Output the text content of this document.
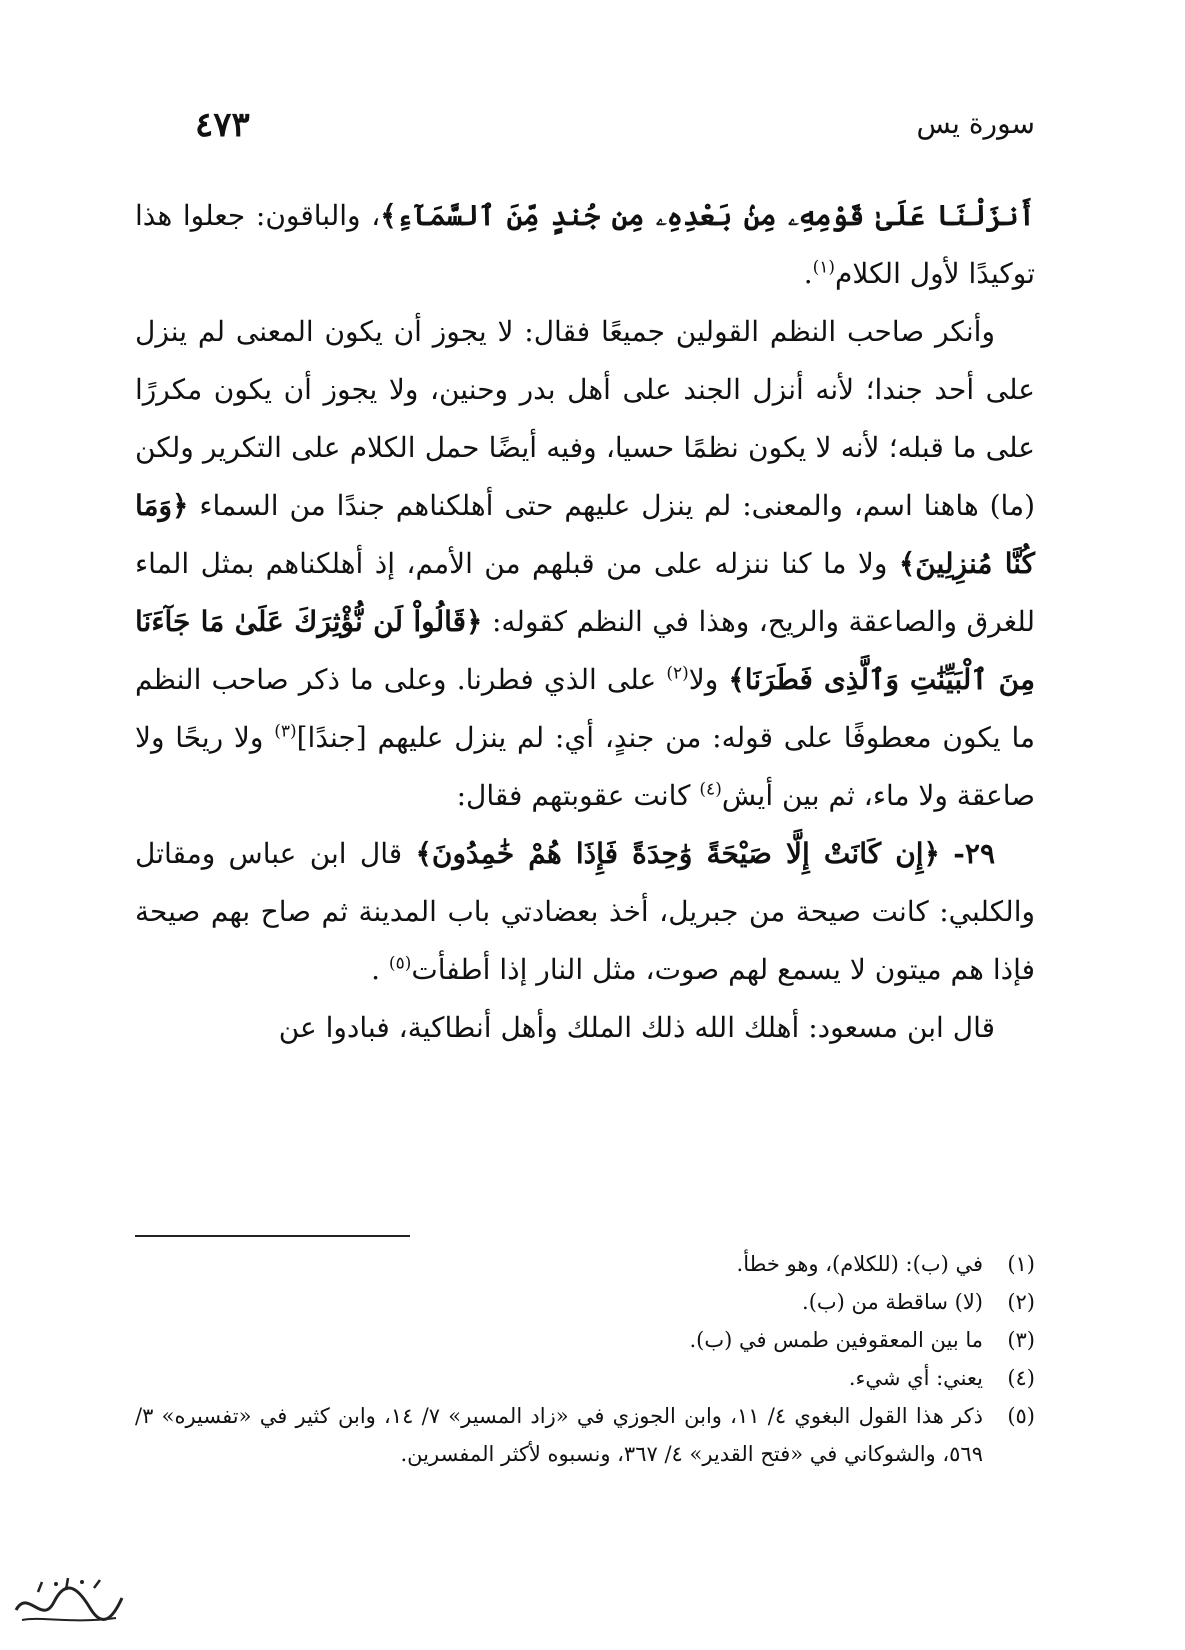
سورة يس
٤٧٣

أَنزَلْنَا عَلَىٰ قَوْمِهِۦ مِنۢ بَعْدِهِۦ مِن جُندٍ مِّنَ ٱلسَّمَآءِ﴾، والباقون: جعلوا هذا توكيدًا لأول الكلام$^{(١)}$.

وأنكر صاحب النظم القولين جميعًا فقال: لا يجوز أن يكون المعنى لم ينزل على أحد جندا؛ لأنه أنزل الجند على أهل بدر وحنين، ولا يجوز أن يكون مكررًا على ما قبله؛ لأنه لا يكون نظمًا حسيا، وفيه أيضًا حمل الكلام على التكرير ولكن (ما) هاهنا اسم، والمعنى: لم ينزل عليهم حتى أهلكناهم جندًا من السماء ﴿وَمَا كُنَّا مُنزِلِينَ﴾ ولا ما كنا ننزله على من قبلهم من الأمم، إذ أهلكناهم بمثل الماء للغرق والصاعقة والريح، وهذا في النظم كقوله: ﴿قَالُواْ لَن نُّؤْثِرَكَ عَلَىٰ مَا جَآءَنَا مِنَ ٱلْبَيِّنَٰتِ وَٱلَّذِى فَطَرَنَا﴾ ولا$^{(٢)}$ على الذي فطرنا. وعلى ما ذكر صاحب النظم ما يكون معطوفًا على قوله: من جندٍ، أي: لم ينزل عليهم [جندًا]$^{(٣)}$ ولا ريحًا ولا صاعقة ولا ماء، ثم بين أيش$^{(٤)}$ كانت عقوبتهم فقال:

٢٩- ﴿إِن كَانَتْ إِلَّا صَيْحَةً وَٰحِدَةً فَإِذَا هُمْ خَٰمِدُونَ﴾ قال ابن عباس ومقاتل والكلبي: كانت صيحة من جبريل، أخذ بعضادتي باب المدينة ثم صاح بهم صيحة فإذا هم ميتون لا يسمع لهم صوت، مثل النار إذا أطفأت$^{(٥)}$ .

قال ابن مسعود: أهلك الله ذلك الملك وأهل أنطاكية، فبادوا عن

(١)
في (ب): (للكلام)، وهو خطأ.
(٢)
(لا) ساقطة من (ب).
(٣)
ما بين المعقوفين طمس في (ب).
(٤)
يعني: أي شيء.
(٥)
ذكر هذا القول البغوي ٤/ ١١، وابن الجوزي في «زاد المسير» ٧/ ١٤، وابن كثير في «تفسيره» ٣/ ٥٦٩، والشوكاني في «فتح القدير» ٤/ ٣٦٧، ونسبوه لأكثر المفسرين.
